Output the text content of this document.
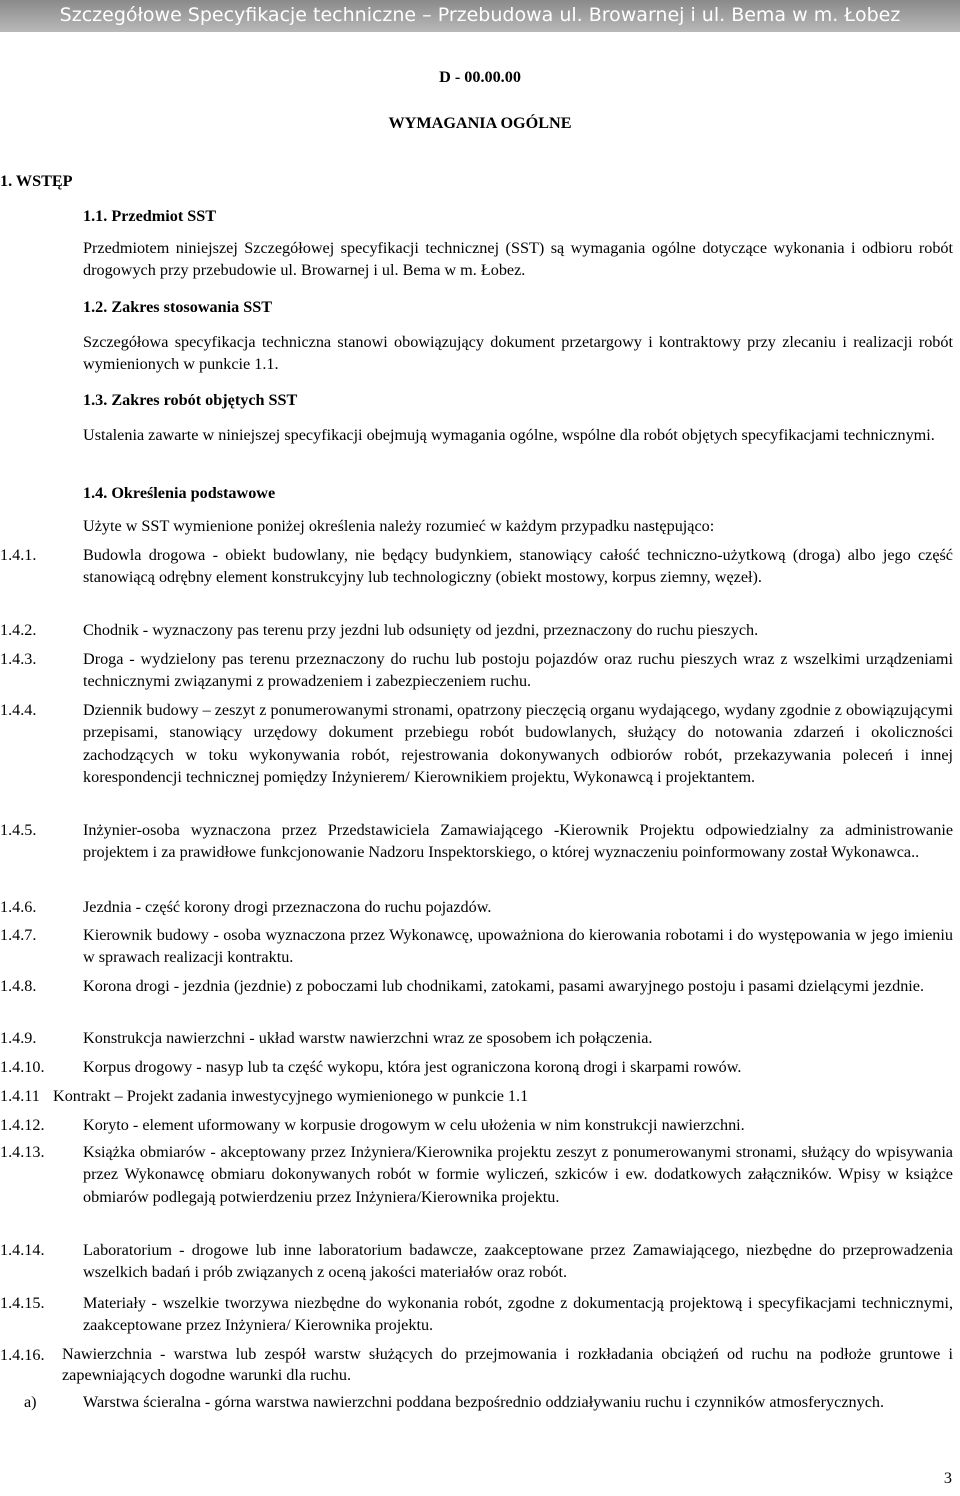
Szczegółowe Specyfikacje techniczne – Przebudowa ul. Browarnej i ul. Bema w m. Łobez
D - 00.00.00
WYMAGANIA OGÓLNE
1. WSTĘP
1.1. Przedmiot SST
Przedmiotem niniejszej Szczegółowej specyfikacji technicznej (SST) są wymagania ogólne dotyczące wykonania i odbioru robót drogowych przy przebudowie ul. Browarnej i ul. Bema w m. Łobez.
1.2. Zakres stosowania SST
Szczegółowa specyfikacja techniczna stanowi obowiązujący dokument przetargowy i kontraktowy przy zlecaniu i realizacji robót wymienionych w punkcie 1.1.
1.3. Zakres robót objętych SST
Ustalenia zawarte w niniejszej specyfikacji obejmują wymagania ogólne, wspólne dla robót objętych specyfikacjami technicznymi.
1.4. Określenia podstawowe
Użyte w SST wymienione poniżej określenia należy rozumieć w każdym przypadku następująco:
1.4.1.	Budowla drogowa - obiekt budowlany, nie będący budynkiem, stanowiący całość techniczno-użytkową (droga) albo jego część stanowiącą odrębny element konstrukcyjny lub technologiczny (obiekt mostowy, korpus ziemny, węzeł).
1.4.2.	Chodnik - wyznaczony pas terenu przy jezdni lub odsunięty od jezdni, przeznaczony do ruchu pieszych.
1.4.3.	Droga - wydzielony pas terenu przeznaczony do ruchu lub postoju pojazdów oraz ruchu pieszych wraz z wszelkimi urządzeniami technicznymi związanymi z prowadzeniem i zabezpieczeniem ruchu.
1.4.4.	Dziennik budowy – zeszyt z ponumerowanymi stronami, opatrzony pieczęcią organu wydającego, wydany zgodnie z obowiązującymi przepisami, stanowiący urzędowy dokument przebiegu robót budowlanych, służący do notowania zdarzeń i okoliczności zachodzących w toku wykonywania robót, rejestrowania dokonywanych odbiorów robót, przekazywania poleceń i innej korespondencji technicznej pomiędzy Inżynierem/ Kierownikiem projektu, Wykonawcą i projektantem.
1.4.5.	Inżynier-osoba wyznaczona przez Przedstawiciela Zamawiającego -Kierownik Projektu odpowiedzialny za administrowanie projektem i za prawidłowe funkcjonowanie Nadzoru Inspektorskiego, o której wyznaczeniu poinformowany został Wykonawca..
1.4.6.	Jezdnia - część korony drogi przeznaczona do ruchu pojazdów.
1.4.7.	Kierownik budowy - osoba wyznaczona przez Wykonawcę, upoważniona do kierowania robotami i do występowania w jego imieniu w sprawach realizacji kontraktu.
1.4.8.	Korona drogi - jezdnia (jezdnie) z poboczami lub chodnikami, zatokami, pasami awaryjnego postoju i pasami dzielącymi jezdnie.
1.4.9.	Konstrukcja nawierzchni - układ warstw nawierzchni wraz ze sposobem ich połączenia.
1.4.10. Korpus drogowy - nasyp lub ta część wykopu, która jest ograniczona koroną drogi i skarpami rowów.
1.4.11 Kontrakt – Projekt zadania inwestycyjnego wymienionego w punkcie 1.1
1.4.12. Koryto - element uformowany w korpusie drogowym w celu ułożenia w nim konstrukcji nawierzchni.
1.4.13. Książka obmiarów - akceptowany przez Inżyniera/Kierownika projektu zeszyt z ponumerowanymi stronami, służący do wpisywania przez Wykonawcę obmiaru dokonywanych robót w formie wyliczeń, szkiców i ew. dodatkowych załączników. Wpisy w książce obmiarów podlegają potwierdzeniu przez Inżyniera/Kierownika projektu.
1.4.14. Laboratorium - drogowe lub inne laboratorium badawcze, zaakceptowane przez Zamawiającego, niezbędne do przeprowadzenia wszelkich badań i prób związanych z oceną jakości materiałów oraz robót.
1.4.15. Materiały - wszelkie tworzywa niezbędne do wykonania robót, zgodne z dokumentacją projektową i specyfikacjami technicznymi, zaakceptowane przez Inżyniera/ Kierownika projektu.
1.4.16. Nawierzchnia - warstwa lub zespół warstw służących do przejmowania i rozkładania obciążeń od ruchu na podłoże gruntowe i zapewniających dogodne warunki dla ruchu.
a)	Warstwa ścieralna - górna warstwa nawierzchni poddana bezpośrednio oddziaływaniu ruchu i czynników atmosferycznych.
3
